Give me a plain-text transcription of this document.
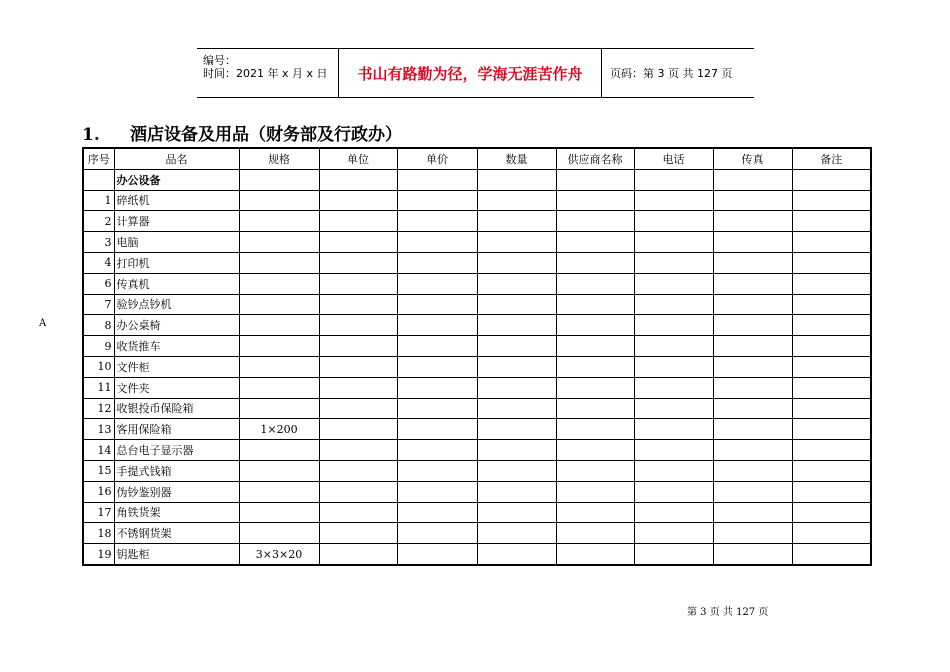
编号：
时间：2021 年 x 月 x 日 书山有路勤为径，学海无涯苦作舟	页码：第 3 页 共 127 页
1. 酒店设备及用品（财务部及行政办）
A
序号	品名	规格	单位	单价	数量	供应商名称	电话	传真	备注
	办公设备								
1	碎纸机								
2	计算器								
3	电脑								
4	打印机								
6	传真机								
7	验钞点钞机								
8	办公桌椅								
9	收货推车								
10	文件柜								
11	文件夹								
12	收银投币保险箱								
13	客用保险箱	1×200							
14	总台电子显示器								
15	手提式钱箱								
16	伪钞鉴别器								
17	角铁货架								
18	不锈钢货架								
19	钥匙柜	3×3×20							
第 3 页 共 127 页
